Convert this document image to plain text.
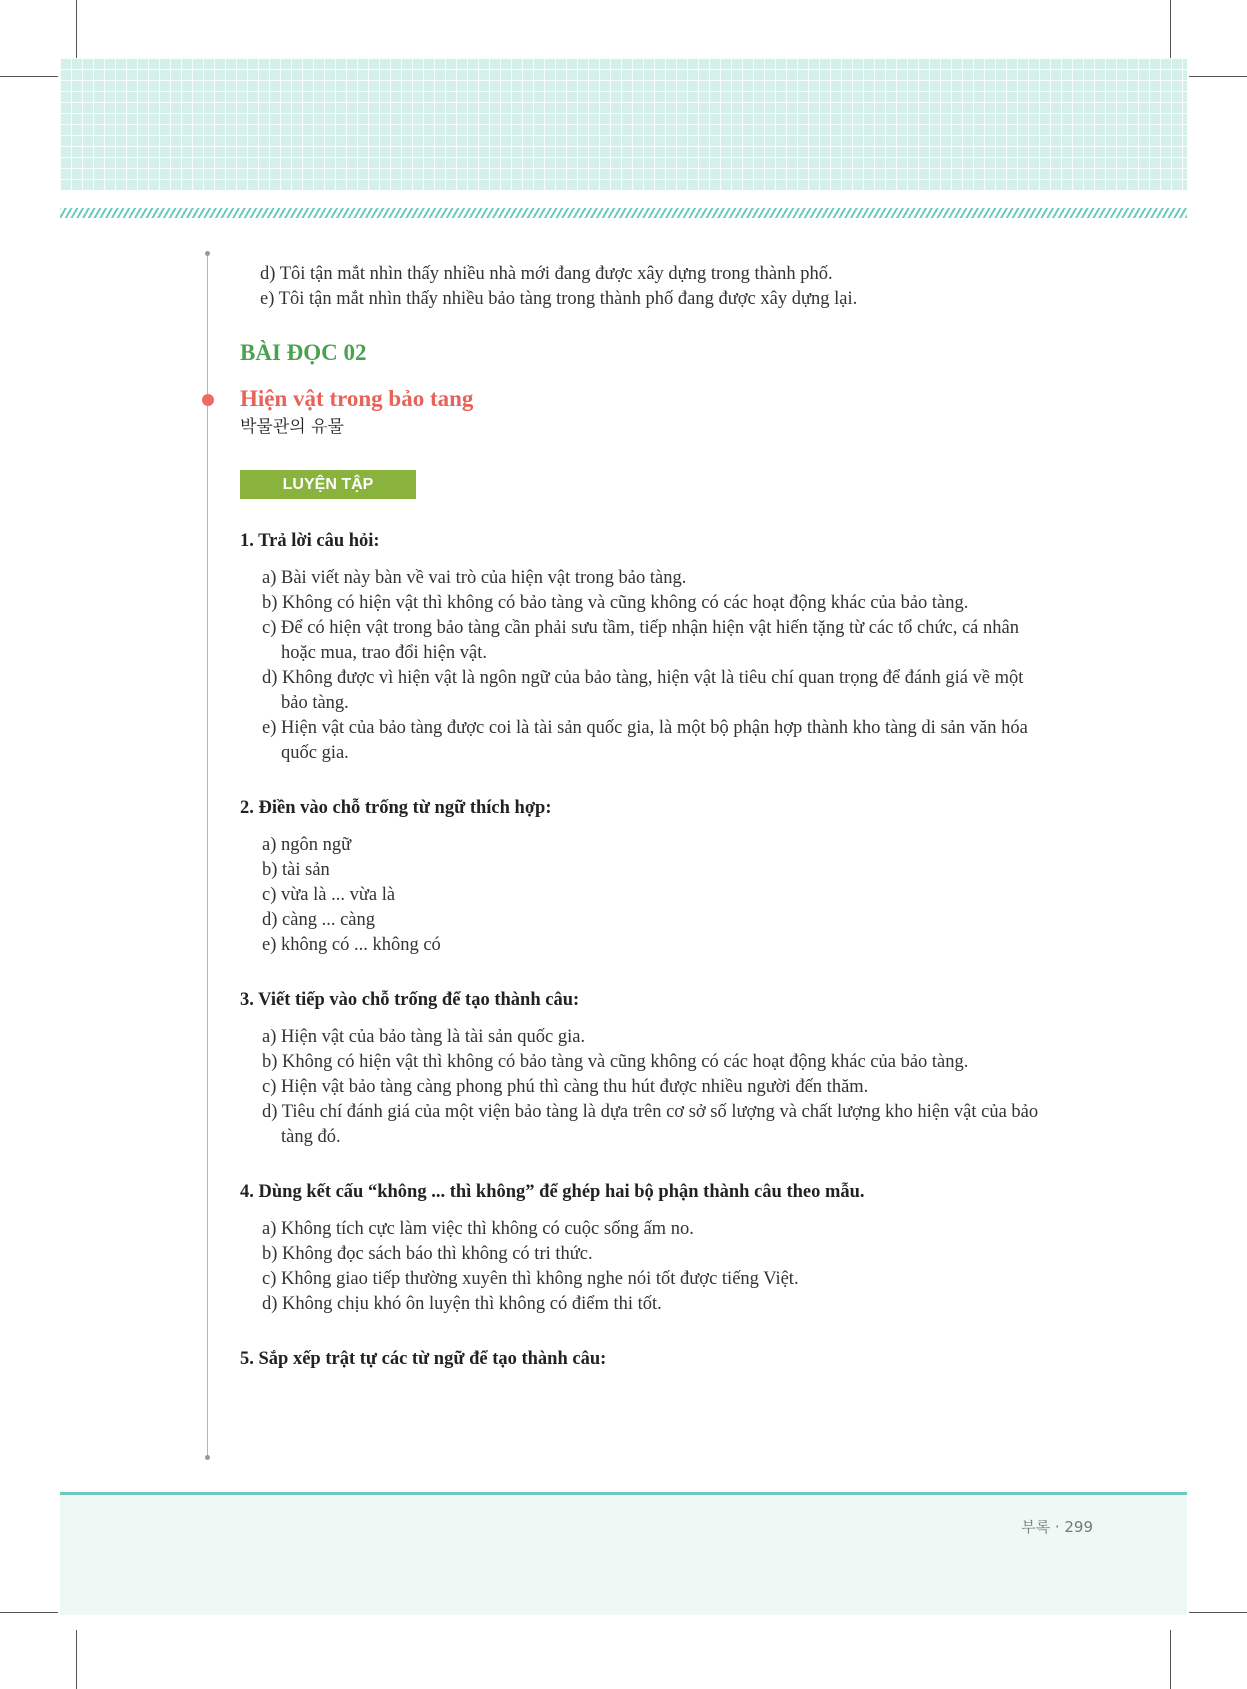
d) Tôi tận mắt nhìn thấy nhiều nhà mới đang được xây dựng trong thành phố.
e) Tôi tận mắt nhìn thấy nhiều bảo tàng trong thành phố đang được xây dựng lại.
BÀI ĐỌC 02
Hiện vật trong bảo tang
박물관의 유물
LUYỆN TẬP
1. Trả lời câu hỏi:
a) Bài viết này bàn về vai trò của hiện vật trong bảo tàng.
b) Không có hiện vật thì không có bảo tàng và cũng không có các hoạt động khác của bảo tàng.
c) Để có hiện vật trong bảo tàng cần phải sưu tầm, tiếp nhận hiện vật hiến tặng từ các tổ chức, cá nhân hoặc mua, trao đổi hiện vật.
d) Không được vì hiện vật là ngôn ngữ của bảo tàng, hiện vật là tiêu chí quan trọng để đánh giá về một bảo tàng.
e) Hiện vật của bảo tàng được coi là tài sản quốc gia, là một bộ phận hợp thành kho tàng di sản văn hóa quốc gia.
2. Điền vào chỗ trống từ ngữ thích hợp:
a) ngôn ngữ
b) tài sản
c) vừa là ... vừa là
d) càng ... càng
e) không có ... không có
3. Viết tiếp vào chỗ trống để tạo thành câu:
a) Hiện vật của bảo tàng là tài sản quốc gia.
b) Không có hiện vật thì không có bảo tàng và cũng không có các hoạt động khác của bảo tàng.
c) Hiện vật bảo tàng càng phong phú thì càng thu hút được nhiều người đến thăm.
d) Tiêu chí đánh giá của một viện bảo tàng là dựa trên cơ sở số lượng và chất lượng kho hiện vật của bảo tàng đó.
4. Dùng kết cấu “không ... thì không” để ghép hai bộ phận thành câu theo mẫu.
a) Không tích cực làm việc thì không có cuộc sống ấm no.
b) Không đọc sách báo thì không có tri thức.
c) Không giao tiếp thường xuyên thì không nghe nói tốt được tiếng Việt.
d) Không chịu khó ôn luyện thì không có điểm thi tốt.
5. Sắp xếp trật tự các từ ngữ để tạo thành câu:
부록 · 299
